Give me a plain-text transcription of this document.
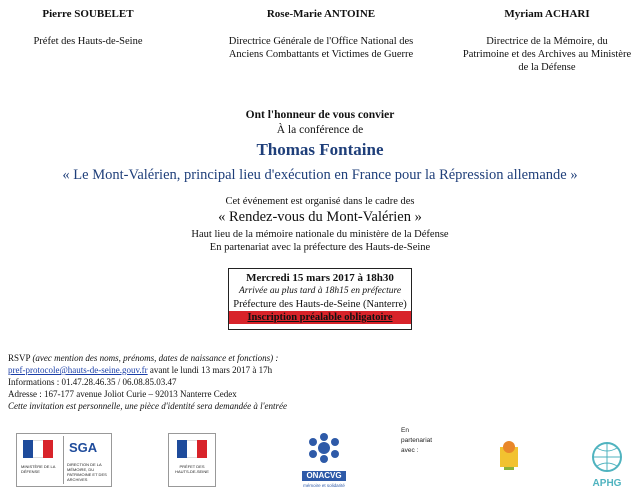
Pierre SOUBELET
Préfet des Hauts-de-Seine
Rose-Marie ANTOINE
Directrice Générale de l'Office National des Anciens Combattants et Victimes de Guerre
Myriam ACHARI
Directrice de la Mémoire, du Patrimoine et des Archives au Ministère de la Défense
Ont l'honneur de vous convier
À la conférence de
Thomas Fontaine
« Le Mont-Valérien, principal lieu d'exécution en France pour la Répression allemande »
Cet événement est organisé dans le cadre des
« Rendez-vous du Mont-Valérien »
Haut lieu de la mémoire nationale du ministère de la Défense
En partenariat avec la préfecture des Hauts-de-Seine
Mercredi 15 mars 2017 à 18h30
Arrivée au plus tard à 18h15 en préfecture
Préfecture des Hauts-de-Seine (Nanterre)
Inscription préalable obligatoire
RSVP (avec mention des noms, prénoms, dates de naissance et fonctions) :
pref-protocole@hauts-de-seine.gouv.fr avant le lundi 13 mars 2017 à 17h
Informations : 01.47.28.46.35 / 06.08.85.03.47
Adresse : 167-177 avenue Joliot Curie – 92013 Nanterre Cedex
Cette invitation est personnelle, une pièce d'identité sera demandée à l'entrée
MINISTÈRE DE LA DÉFENSE
SGA
DIRECTION DE LA MÉMOIRE, DU PATRIMOINE ET DES ARCHIVES
PRÉFET DES HAUTS-DE-SEINE	ONACVG
mémoire et solidarité
En partenariat avec :
APHG
